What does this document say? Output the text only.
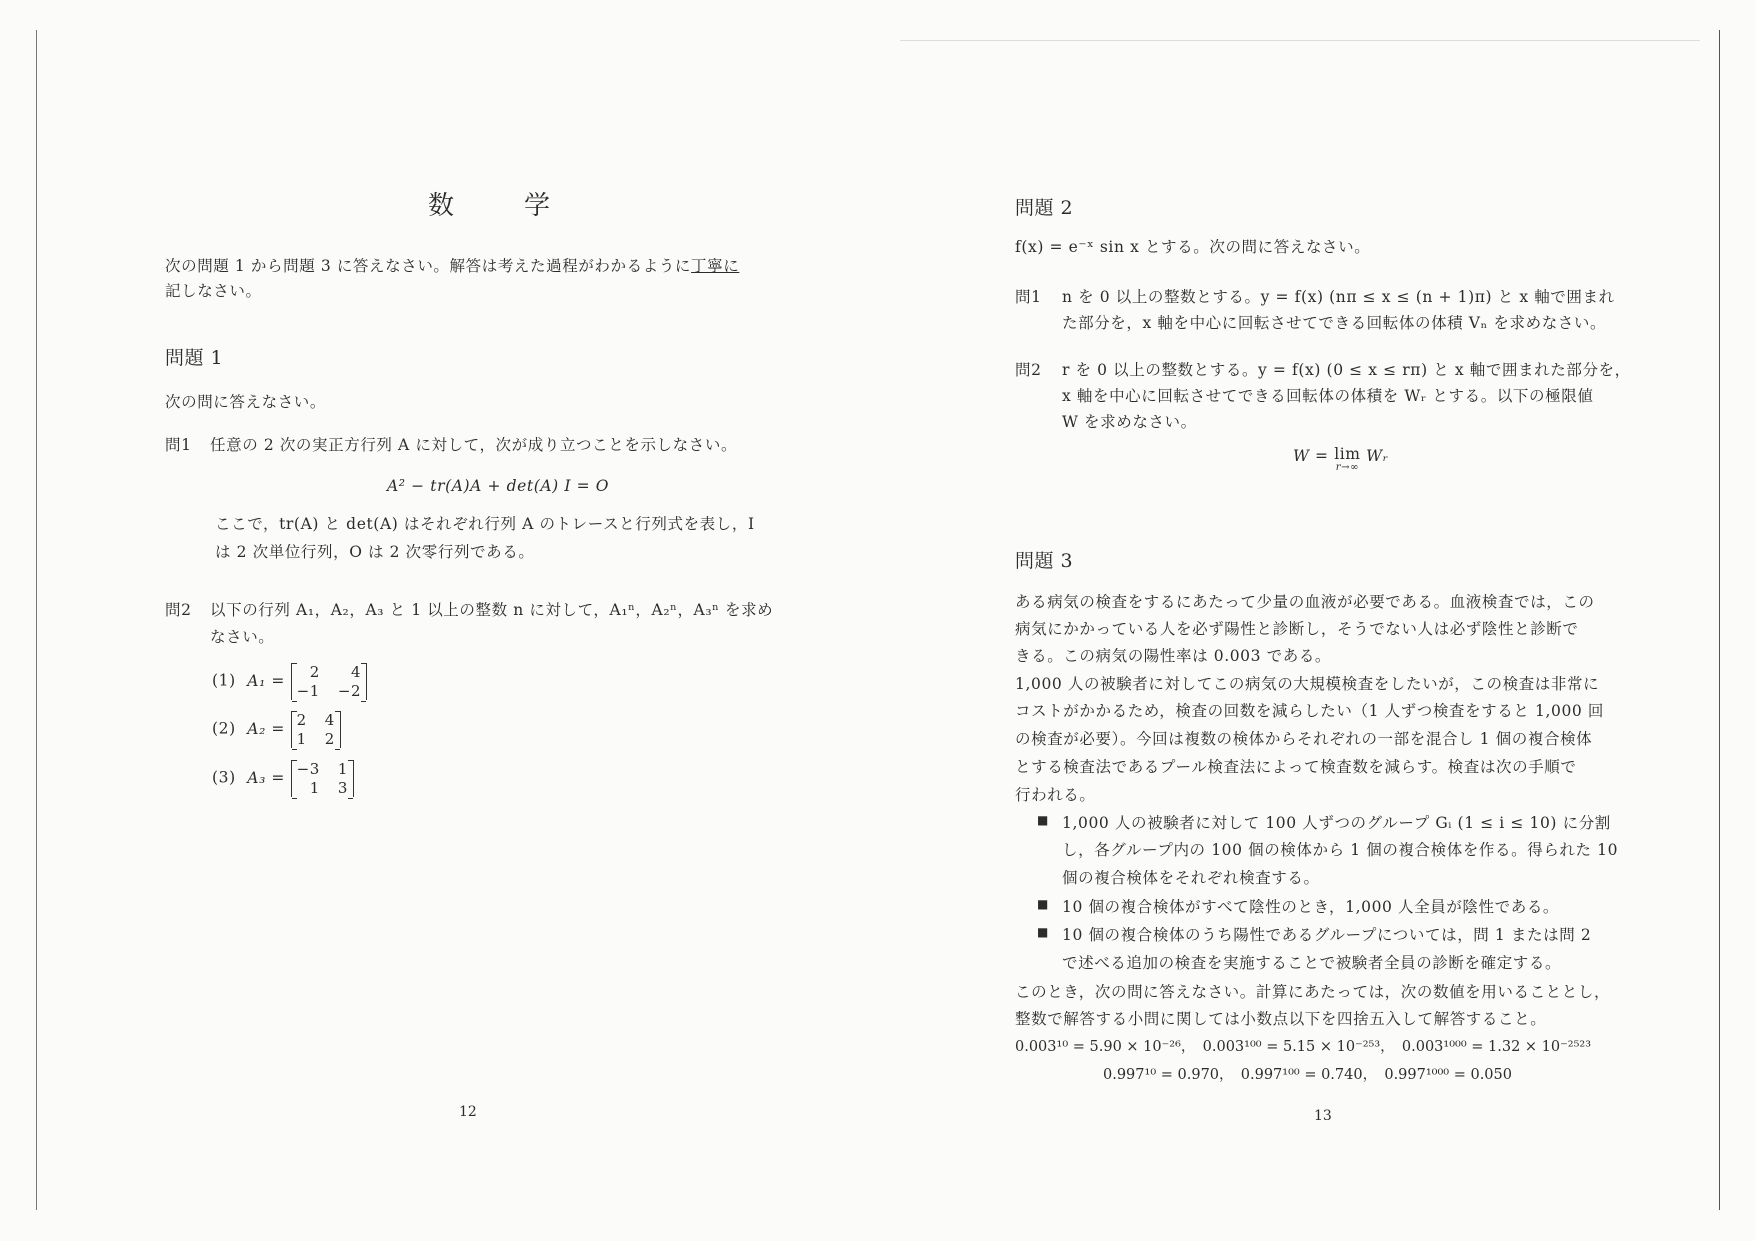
数　学
次の問題 1 から問題 3 に答えなさい。解答は考えた過程がわかるように丁寧に
記しなさい。
問題 1
次の問に答えなさい。
問1 任意の 2 次の実正方行列 A に対して，次が成り立つことを示しなさい。
A² − tr(A)A + det(A) I = O
ここで，tr(A) と det(A) はそれぞれ行列 A のトレースと行列式を表し，I
は 2 次単位行列，O は 2 次零行列である。
問2 以下の行列 A₁，A₂，A₃ と 1 以上の整数 n に対して，A₁ⁿ，A₂ⁿ，A₃ⁿ を求め
なさい。
(1) A₁ =	2	4
−1 −2
(2) A₂ = 2 4
1 2
(3) A₃ = −3 1
1 3
12
問題 2
f(x) = e⁻ˣ sin x とする。次の問に答えなさい。
問1 n を 0 以上の整数とする。y = f(x) (nπ ≤ x ≤ (n + 1)π) と x 軸で囲まれ
た部分を，x 軸を中心に回転させてできる回転体の体積 Vₙ を求めなさい。
問2 r を 0 以上の整数とする。y = f(x) (0 ≤ x ≤ rπ) と x 軸で囲まれた部分を，
x 軸を中心に回転させてできる回転体の体積を Wᵣ とする。以下の極限値
W を求めなさい。
W = lim
r→∞
Wᵣ
問題 3
ある病気の検査をするにあたって少量の血液が必要である。血液検査では，この
病気にかかっている人を必ず陽性と診断し，そうでない人は必ず陰性と診断で
きる。この病気の陽性率は 0.003 である。
1,000 人の被験者に対してこの病気の大規模検査をしたいが，この検査は非常に
コストがかかるため，検査の回数を減らしたい（1 人ずつ検査をすると 1,000 回
の検査が必要）。今回は複数の検体からそれぞれの一部を混合し 1 個の複合検体
とする検査法であるプール検査法によって検査数を減らす。検査は次の手順で
行われる。
■ 1,000 人の被験者に対して 100 人ずつのグループ Gᵢ (1 ≤ i ≤ 10) に分割
し，各グループ内の 100 個の検体から 1 個の複合検体を作る。得られた 10
個の複合検体をそれぞれ検査する。
■ 10 個の複合検体がすべて陰性のとき，1,000 人全員が陰性である。
■ 10 個の複合検体のうち陽性であるグループについては，問 1 または問 2
で述べる追加の検査を実施することで被験者全員の診断を確定する。
このとき，次の問に答えなさい。計算にあたっては，次の数値を用いることとし，
整数で解答する小問に関しては小数点以下を四捨五入して解答すること。
0.003¹⁰ = 5.90 × 10⁻²⁶，　0.003¹⁰⁰ = 5.15 × 10⁻²⁵³，　0.003¹⁰⁰⁰ = 1.32 × 10⁻²⁵²³
0.997¹⁰ = 0.970，　0.997¹⁰⁰ = 0.740，　0.997¹⁰⁰⁰ = 0.050
13
